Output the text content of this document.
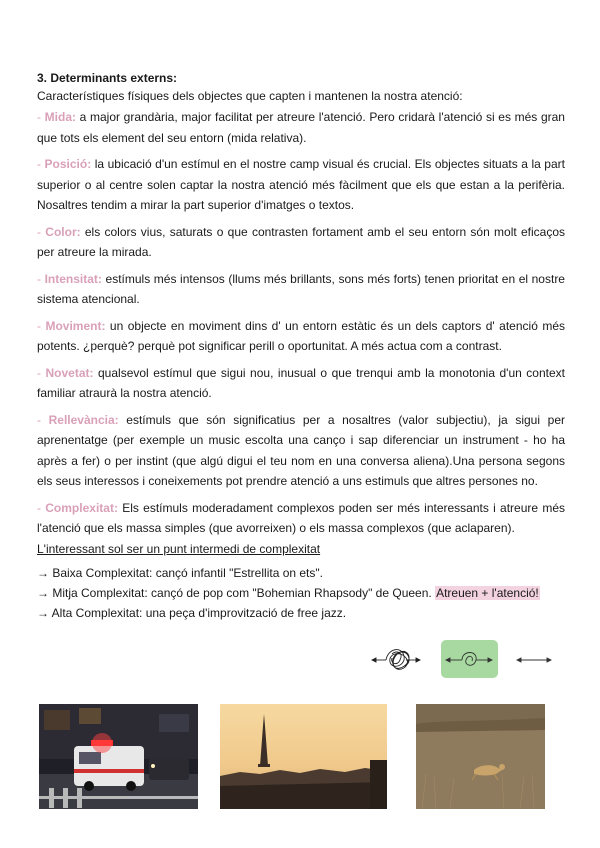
3. Determinants externs:
Característiques físiques dels objectes que capten i mantenen la nostra atenció:

- Mida: a major grandària, major facilitat per atreure l'atenció. Pero cridarà l'atenció si es més gran que tots els element del seu entorn (mida relativa).

- Posició: la ubicació d'un estímul en el nostre camp visual és crucial. Els objectes situats a la part superior o al centre solen captar la nostra atenció més fàcilment que els que estan a la perifèria. Nosaltres tendim a mirar la part superior d'imatges o textos.

- Color: els colors vius, saturats o que contrasten fortament amb el seu entorn són molt eficaços per atreure la mirada.

- Intensitat: estímuls més intensos (llums més brillants, sons més forts) tenen prioritat en el nostre sistema atencional.

- Moviment: un objecte en moviment dins d' un entorn estàtic és un dels captors d' atenció més potents. ¿perquè? perquè pot significar perill o oportunitat. A més actua com a contrast.

- Novetat: qualsevol estímul que sigui nou, inusual o que trenqui amb la monotonia d'un context familiar atraurà la nostra atenció.

- Rellevància: estímuls que són significatius per a nosaltres (valor subjectiu), ja sigui per aprenentatge (per exemple un music escolta una canço i sap diferenciar un instrument - ho ha après a fer) o per instint (que algú digui el teu nom en una conversa aliena).Una persona segons els seus interessos i coneixements pot prendre atenció a uns estimuls que altres persones no.

- Complexitat: Els estímuls moderadament complexos poden ser més interessants i atreure més l'atenció que els massa simples (que avorreixen) o els massa complexos (que aclaparen).

L'interessant sol ser un punt intermedi de complexitat
→ Baixa Complexitat: cançó infantil "Estrellita on ets".
→ Mitja Complexitat: cançó de pop com "Bohemian Rhapsody" de Queen. Atreuen + l'atenció!
→ Alta Complexitat: una peça d'improvització de free jazz.
